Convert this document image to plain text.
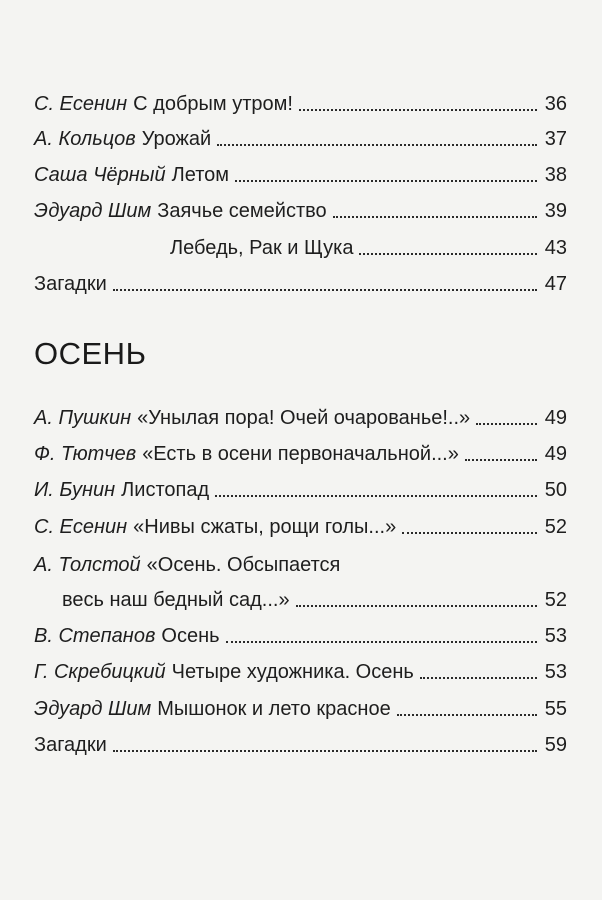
С. Есенин С добрым утром!	36
А. Кольцов Урожай	37
Саша Чёрный Летом	38
Эдуард Шим Заячье семейство	39
Лебедь, Рак и Щука	43
Загадки	47
ОСЕНЬ
А. Пушкин «Унылая пора! Очей очарованье!..»	49
Ф. Тютчев «Есть в осени первоначальной...»	49
И. Бунин Листопад	50
С. Есенин «Нивы сжаты, рощи голы...»	52
А. Толстой «Осень. Обсыпается
весь наш бедный сад...»	52
В. Степанов Осень	53
Г. Скребицкий Четыре художника. Осень	53
Эдуард Шим Мышонок и лето красное	55
Загадки	59
